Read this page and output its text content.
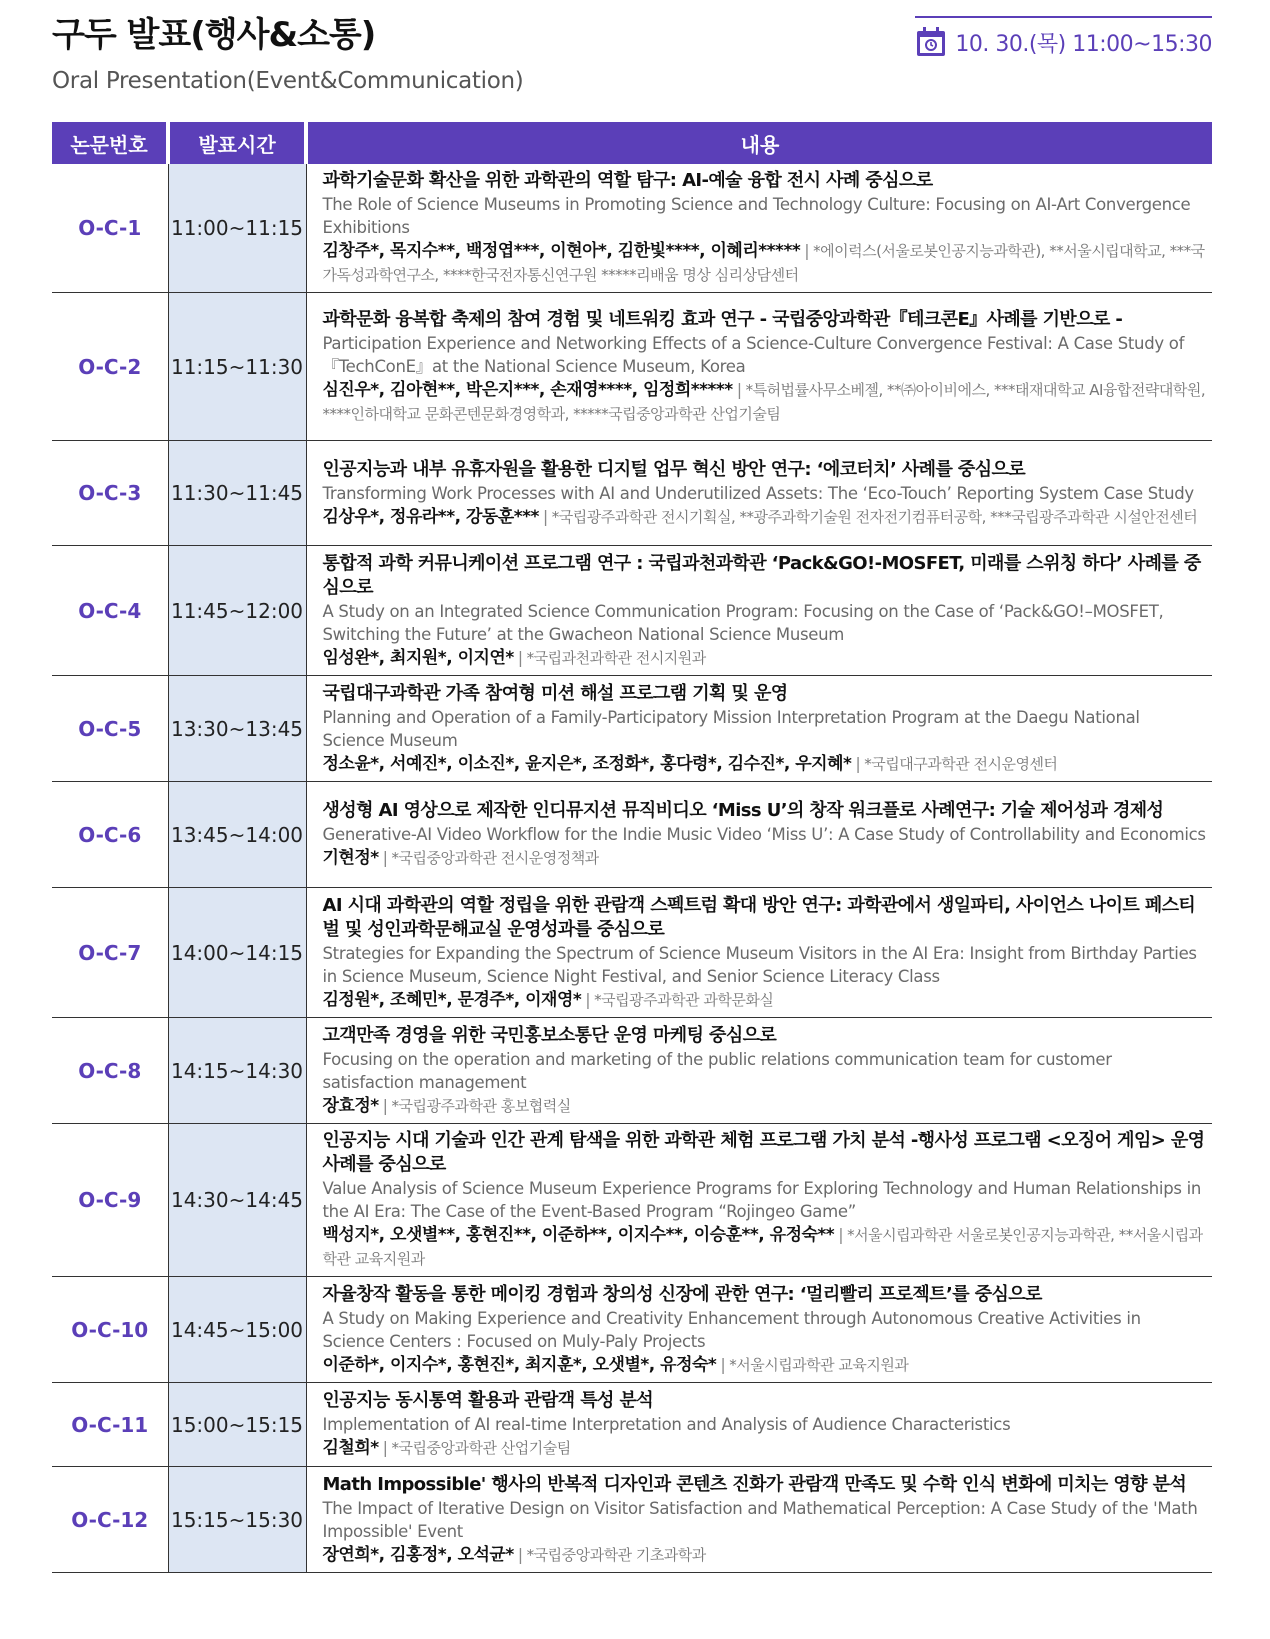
구두 발표(행사&소통)
Oral Presentation(Event&Communication)
10. 30.(목) 11:00~15:30
논문번호	발표시간	내용
O-C-1	11:00~11:15	과학기술문화 확산을 위한 과학관의 역할 탐구: AI-예술 융합 전시 사례 중심으로
The Role of Science Museums in Promoting Science and Technology Culture: Focusing on AI-Art Convergence Exhibitions
김창주*, 목지수**, 백정엽***, 이현아*, 김한빛****, 이혜리***** | *에이럭스(서울로봇인공지능과학관), **서울시립대학교, ***국가독성과학연구소, ****한국전자통신연구원 *****리배움 명상 심리상담센터

O-C-2	11:15~11:30	과학문화 융복합 축제의 참여 경험 및 네트워킹 효과 연구 - 국립중앙과학관『테크콘E』사례를 기반으로 -
Participation Experience and Networking Effects of a Science-Culture Convergence Festival: A Case Study of『TechConE』at the National Science Museum, Korea
심진우*, 김아현**, 박은지***, 손재영****, 임정희***** | *특허법률사무소베젤, **㈜아이비에스, ***태재대학교 AI융합전략대학원, ****인하대학교 문화콘텐문화경영학과, *****국립중앙과학관 산업기술팀

O-C-3	11:30~11:45	인공지능과 내부 유휴자원을 활용한 디지털 업무 혁신 방안 연구: ‘에코터치’ 사례를 중심으로
Transforming Work Processes with AI and Underutilized Assets: The ‘Eco-Touch’ Reporting System Case Study
김상우*, 정유라**, 강동훈*** | *국립광주과학관 전시기획실, **광주과학기술원 전자전기컴퓨터공학, ***국립광주과학관 시설안전센터

O-C-4	11:45~12:00	통합적 과학 커뮤니케이션 프로그램 연구 : 국립과천과학관 ‘Pack&GO!-MOSFET, 미래를 스위칭 하다’ 사례를 중심으로
A Study on an Integrated Science Communication Program: Focusing on the Case of ‘Pack&GO!–MOSFET, Switching the Future’ at the Gwacheon National Science Museum
임성완*, 최지원*, 이지연* | *국립과천과학관 전시지원과

O-C-5	13:30~13:45	국립대구과학관 가족 참여형 미션 해설 프로그램 기획 및 운영
Planning and Operation of a Family-Participatory Mission Interpretation Program at the Daegu National Science Museum
정소윤*, 서예진*, 이소진*, 윤지은*, 조정화*, 홍다령*, 김수진*, 우지혜* | *국립대구과학관 전시운영센터

O-C-6	13:45~14:00	생성형 AI 영상으로 제작한 인디뮤지션 뮤직비디오 ‘Miss U’의 창작 워크플로 사례연구: 기술 제어성과 경제성
Generative-AI Video Workflow for the Indie Music Video ‘Miss U’: A Case Study of Controllability and Economics
기현정* | *국립중앙과학관 전시운영정책과

O-C-7	14:00~14:15	AI 시대 과학관의 역할 정립을 위한 관람객 스펙트럼 확대 방안 연구: 과학관에서 생일파티, 사이언스 나이트 페스티벌 및 성인과학문해교실 운영성과를 중심으로
Strategies for Expanding the Spectrum of Science Museum Visitors in the AI Era: Insight from Birthday Parties in Science Museum, Science Night Festival, and Senior Science Literacy Class
김정원*, 조혜민*, 문경주*, 이재영* | *국립광주과학관 과학문화실

O-C-8	14:15~14:30	고객만족 경영을 위한 국민홍보소통단 운영 마케팅 중심으로
Focusing on the operation and marketing of the public relations communication team for customer satisfaction management
장효정* | *국립광주과학관 홍보협력실

O-C-9	14:30~14:45	인공지능 시대 기술과 인간 관계 탐색을 위한 과학관 체험 프로그램 가치 분석 -행사성 프로그램 <오징어 게임> 운영 사례를 중심으로
Value Analysis of Science Museum Experience Programs for Exploring Technology and Human Relationships in the AI Era: The Case of the Event-Based Program “Rojingeo Game”
백성지*, 오샛별**, 홍현진**, 이준하**, 이지수**, 이승훈**, 유정숙** | *서울시립과학관 서울로봇인공지능과학관, **서울시립과학관 교육지원과

O-C-10	14:45~15:00	자율창작 활동을 통한 메이킹 경험과 창의성 신장에 관한 연구: ‘멀리빨리 프로젝트’를 중심으로
A Study on Making Experience and Creativity Enhancement through Autonomous Creative Activities in Science Centers : Focused on Muly-Paly Projects
이준하*, 이지수*, 홍현진*, 최지훈*, 오샛별*, 유정숙* | *서울시립과학관 교육지원과

O-C-11	15:00~15:15	인공지능 동시통역 활용과 관람객 특성 분석
Implementation of AI real-time Interpretation and Analysis of Audience Characteristics
김철희* | *국립중앙과학관 산업기술팀

O-C-12	15:15~15:30	Math Impossible' 행사의 반복적 디자인과 콘텐츠 진화가 관람객 만족도 및 수학 인식 변화에 미치는 영향 분석
The Impact of Iterative Design on Visitor Satisfaction and Mathematical Perception: A Case Study of the 'Math Impossible' Event
장연희*, 김홍정*, 오석균* | *국립중앙과학관 기초과학과
